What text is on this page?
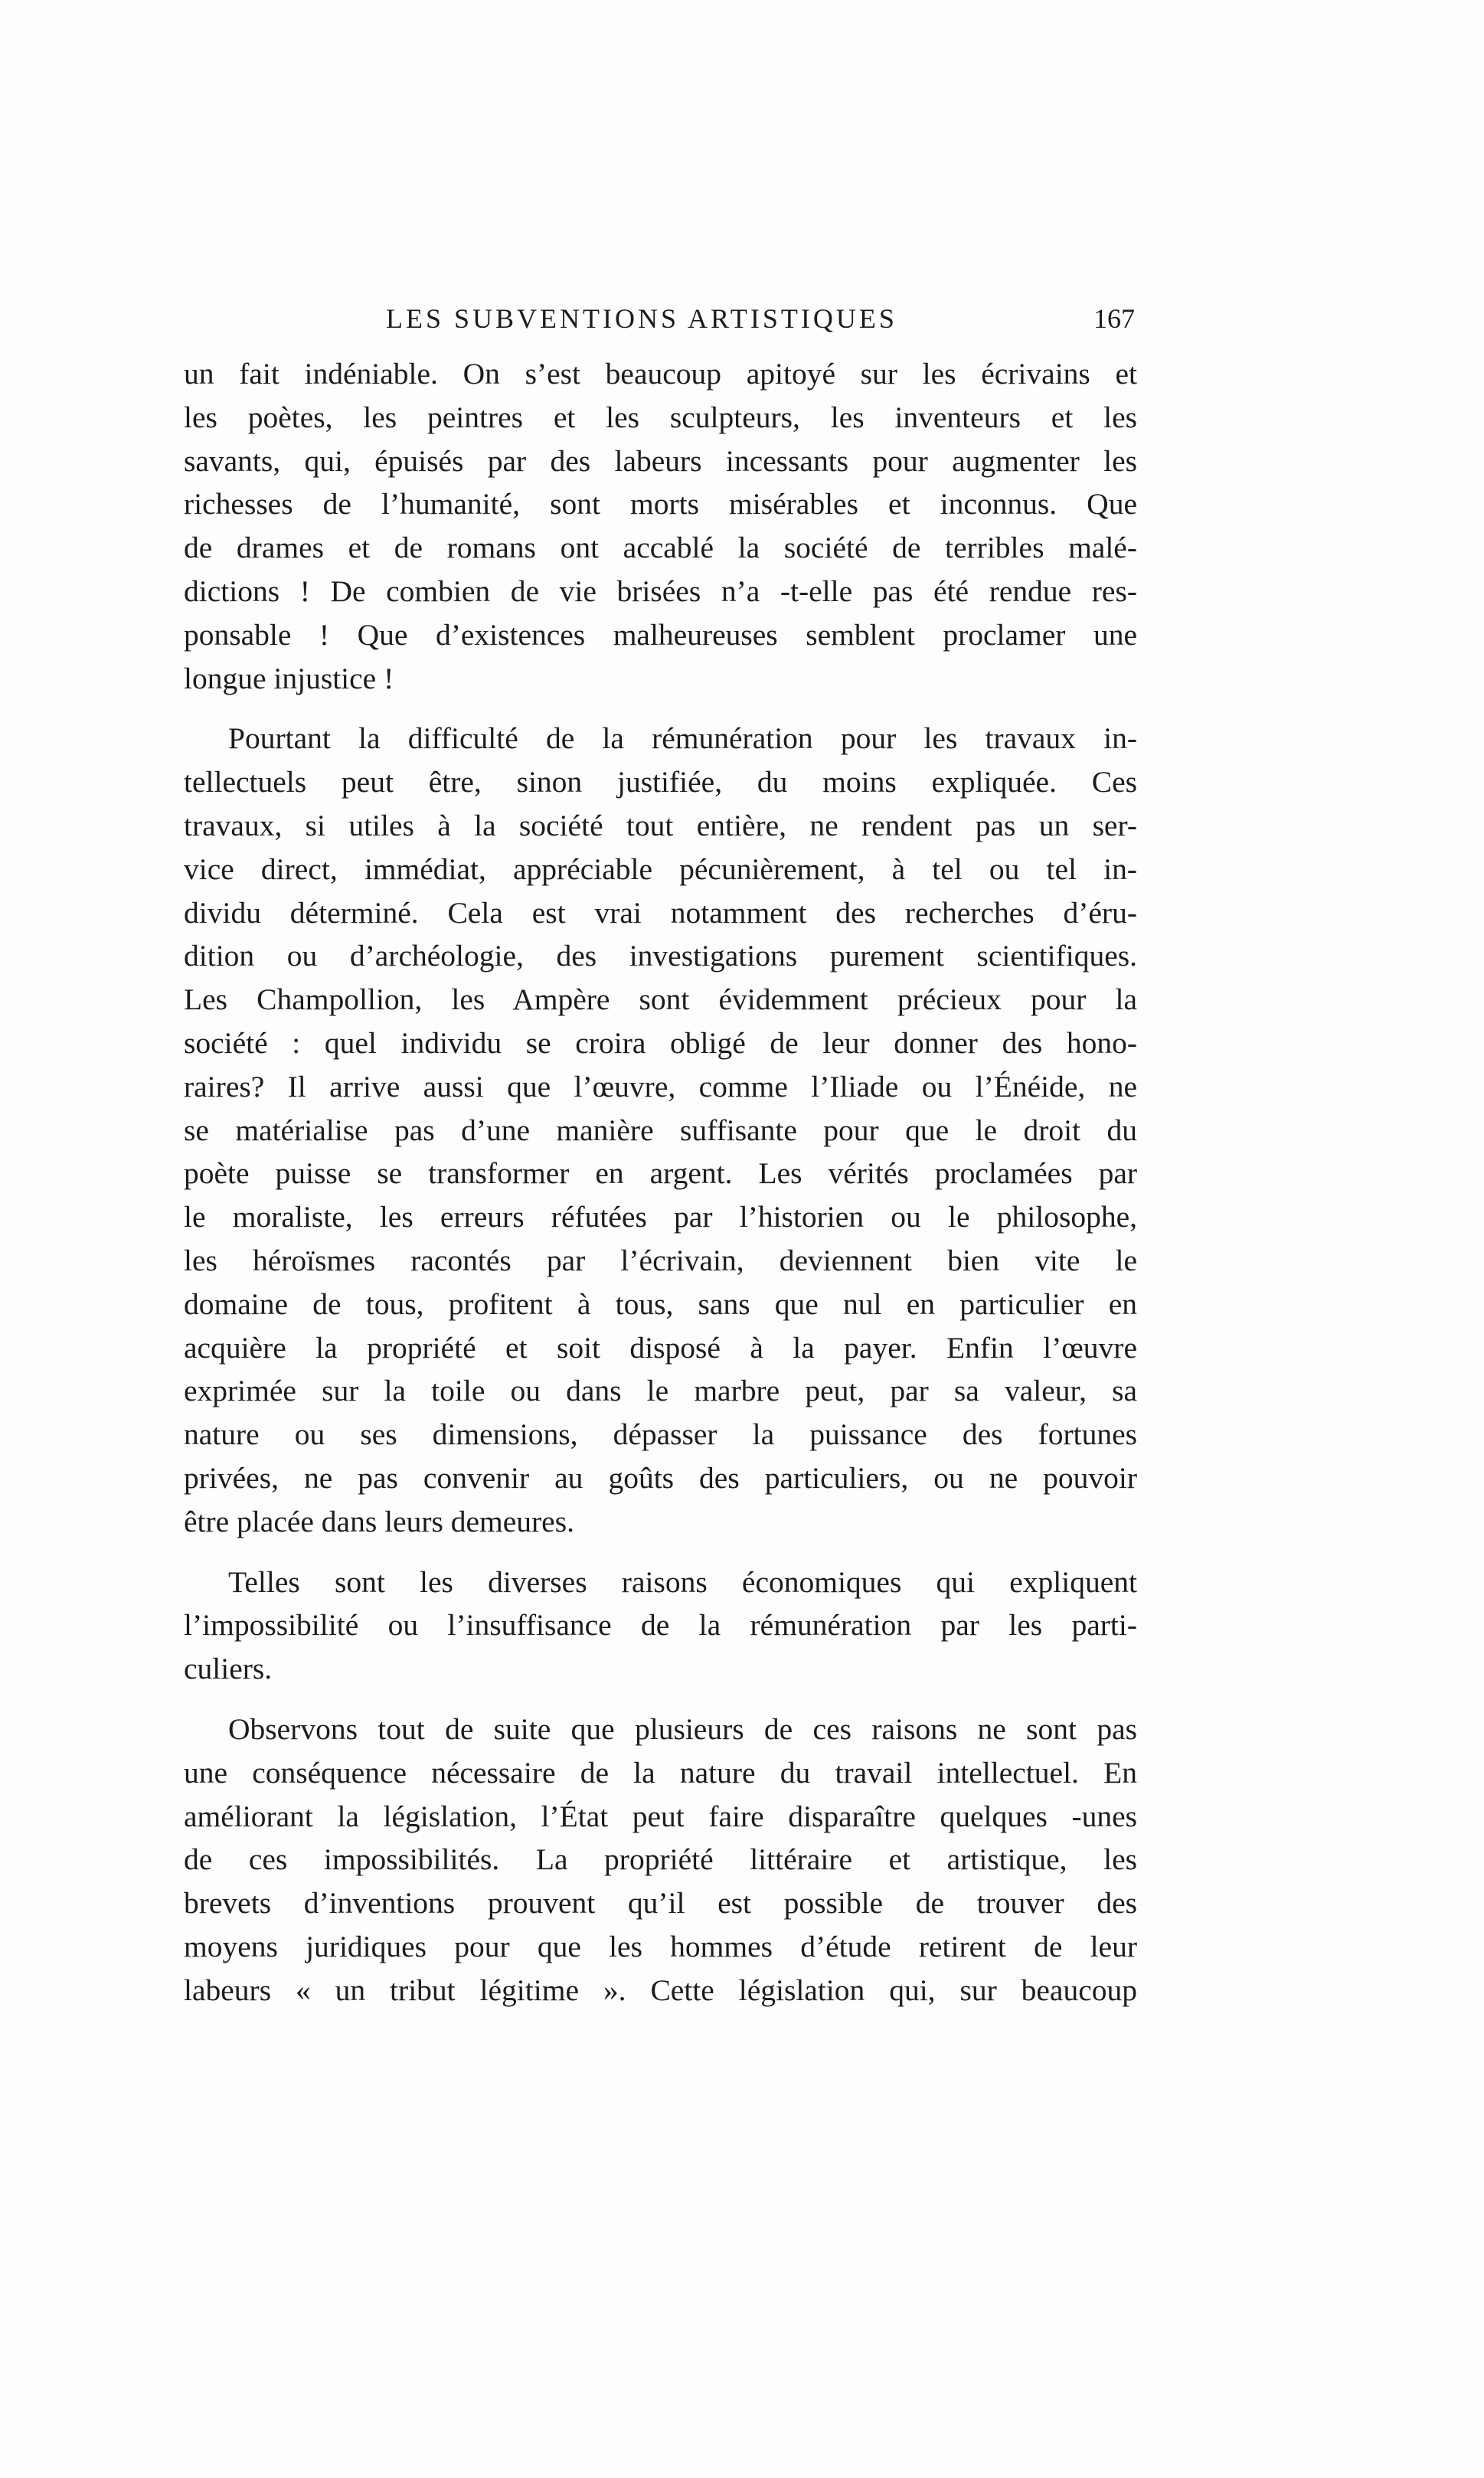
LES SUBVENTIONS ARTISTIQUES	167
un fait indéniable. On s’est beaucoup apitoyé sur les écrivains et
les poètes, les peintres et les sculpteurs, les inventeurs et les
savants, qui, épuisés par des labeurs incessants pour augmenter les
richesses de l’humanité, sont morts misérables et inconnus. Que
de drames et de romans ont accablé la société de terribles malé-
dictions ! De combien de vie brisées n’a -t-elle pas été rendue res-
ponsable ! Que d’existences malheureuses semblent proclamer une
longue injustice !
Pourtant la difficulté de la rémunération pour les travaux in-
tellectuels peut être, sinon justifiée, du moins expliquée. Ces
travaux, si utiles à la société tout entière, ne rendent pas un ser-
vice direct, immédiat, appréciable pécunièrement, à tel ou tel in-
dividu déterminé. Cela est vrai notamment des recherches d’éru-
dition ou d’archéologie, des investigations purement scientifiques.
Les Champollion, les Ampère sont évidemment précieux pour la
société : quel individu se croira obligé de leur donner des hono-
raires? Il arrive aussi que l’œuvre, comme l’Iliade ou l’Énéide, ne
se matérialise pas d’une manière suffisante pour que le droit du
poète puisse se transformer en argent. Les vérités proclamées par
le moraliste, les erreurs réfutées par l’historien ou le philosophe,
les héroïsmes racontés par l’écrivain, deviennent bien vite le
domaine de tous, profitent à tous, sans que nul en particulier en
acquière la propriété et soit disposé à la payer. Enfin l’œuvre
exprimée sur la toile ou dans le marbre peut, par sa valeur, sa
nature ou ses dimensions, dépasser la puissance des fortunes
privées, ne pas convenir au goûts des particuliers, ou ne pouvoir
être placée dans leurs demeures.
Telles sont les diverses raisons économiques qui expliquent
l’impossibilité ou l’insuffisance de la rémunération par les parti-
culiers.
Observons tout de suite que plusieurs de ces raisons ne sont pas
une conséquence nécessaire de la nature du travail intellectuel. En
améliorant la législation, l’État peut faire disparaître quelques -unes
de ces impossibilités. La propriété littéraire et artistique, les
brevets d’inventions prouvent qu’il est possible de trouver des
moyens juridiques pour que les hommes d’étude retirent de leur
labeurs « un tribut légitime ». Cette législation qui, sur beaucoup
